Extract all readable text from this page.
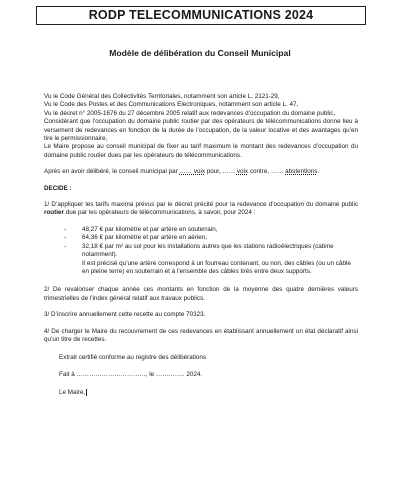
RODP TELECOMMUNICATIONS 2024
Modèle de délibération du Conseil Municipal

Vu le Code Général des Collectivités Territoriales, notamment son article L. 2121-29,

Vu le Code des Postes et des Communications Electroniques, notamment son article L. 47,

Vu le décret n° 2005-1676 du 27 décembre 2005 relatif aux redevances d’occupation du domaine public,

Considérant que l’occupation du domaine public routier par des opérateurs de télécommunications donne lieu à versement de redevances en fonction de la durée de l’occupation, de la valeur locative et des avantages qu’en tire le permissionnaire,

Le Maire propose au conseil municipal de fixer au tarif maximum le montant des redevances d’occupation du domaine public routier dues par les opérateurs de télécommunications.

Après en avoir délibéré, le conseil municipal par …… voix pour, …… voix contre, …… abstentions.

DECIDE :

1/ D’appliquer les tarifs maxima prévus par le décret précité pour la redevance d’occupation du domaine public routier due par les opérateurs de télécommunications, à savoir, pour 2024 :

- 48,27 € par kilomètre et par artère en souterrain,
- 64,36 € par kilomètre et par artère en aérien,
- 32,18 € par m² au sol pour les installations autres que les stations radioélectriques (cabine notamment).

Il est précisé qu’une artère correspond à un fourreau contenant, ou non, des câbles (ou un câble en pleine terre) en souterrain et à l’ensemble des câbles tirés entre deux supports.

2/ De revaloriser chaque année ces montants en fonction de la moyenne des quatre dernières valeurs trimestrielles de l’index général relatif aux travaux publics.

3/ D’inscrire annuellement cette recette au compte 70323.

4/ De charger le Maire du recouvrement de ces redevances en établissant annuellement un état déclaratif ainsi qu’un titre de recettes.

Extrait certifié conforme au registre des délibérations

Fait à ……………………………, le ………….. 2024.

Le Maire,
